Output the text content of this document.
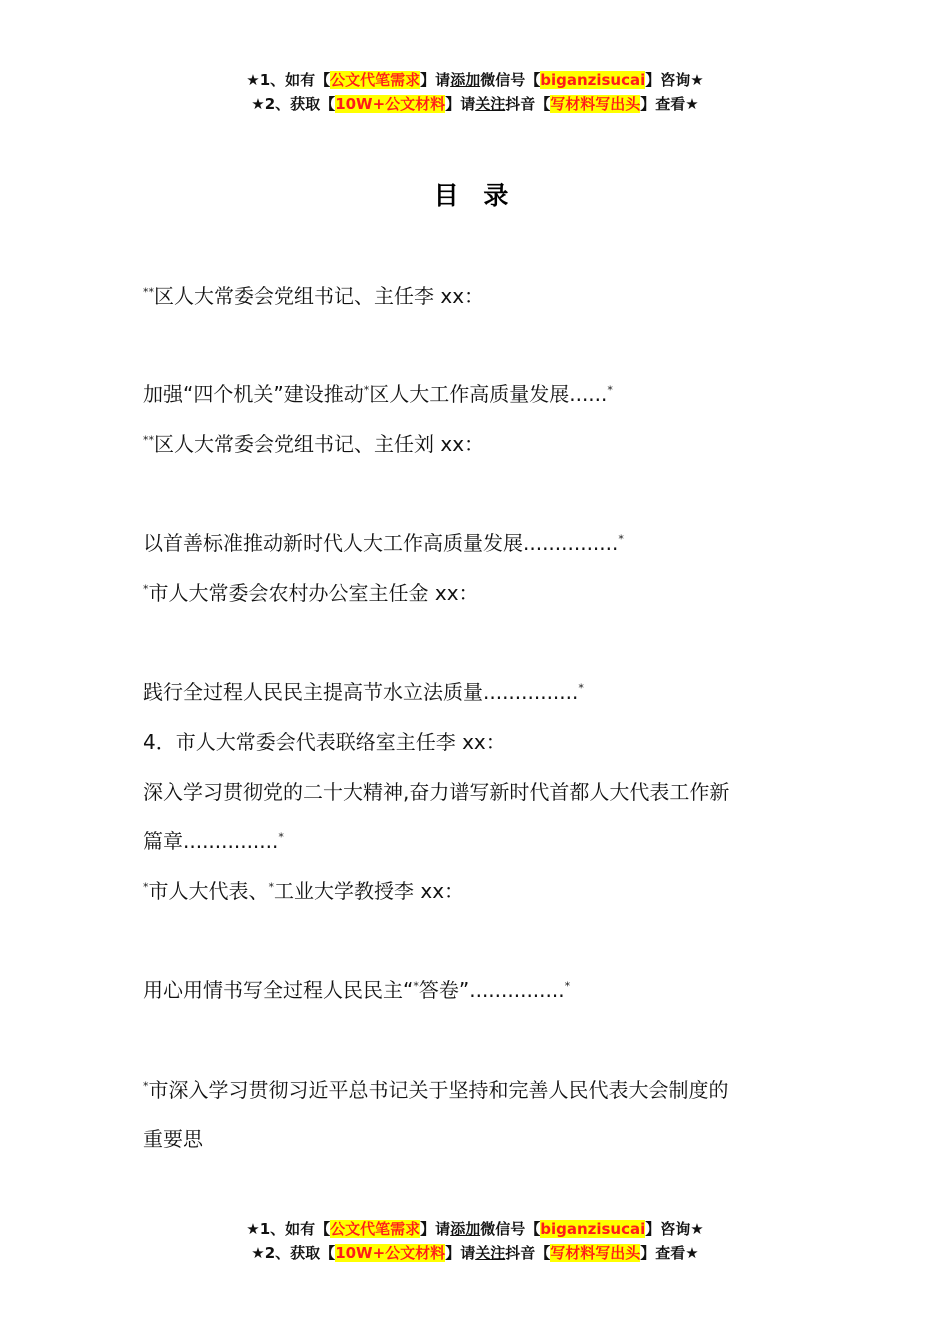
★1、如有【公文代笔需求】请添加微信号【biganzisucai】咨询★
★2、获取【10W+公文材料】请关注抖音【写材料写出头】查看★
目 录
**区人大常委会党组书记、主任李 xx：
加强“四个机关”建设推动*区人大工作高质量发展......*
**区人大常委会党组书记、主任刘 xx：
以首善标准推动新时代人大工作高质量发展...............*
*市人大常委会农村办公室主任金 xx：
践行全过程人民民主提高节水立法质量...............*
4．市人大常委会代表联络室主任李 xx：
深入学习贯彻党的二十大精神,奋力谱写新时代首都人大代表工作新
篇章...............*
*市人大代表、*工业大学教授李 xx：
用心用情书写全过程人民民主“*答卷”...............*
*市深入学习贯彻习近平总书记关于坚持和完善人民代表大会制度的
重要思
★1、如有【公文代笔需求】请添加微信号【biganzisucai】咨询★
★2、获取【10W+公文材料】请关注抖音【写材料写出头】查看★
